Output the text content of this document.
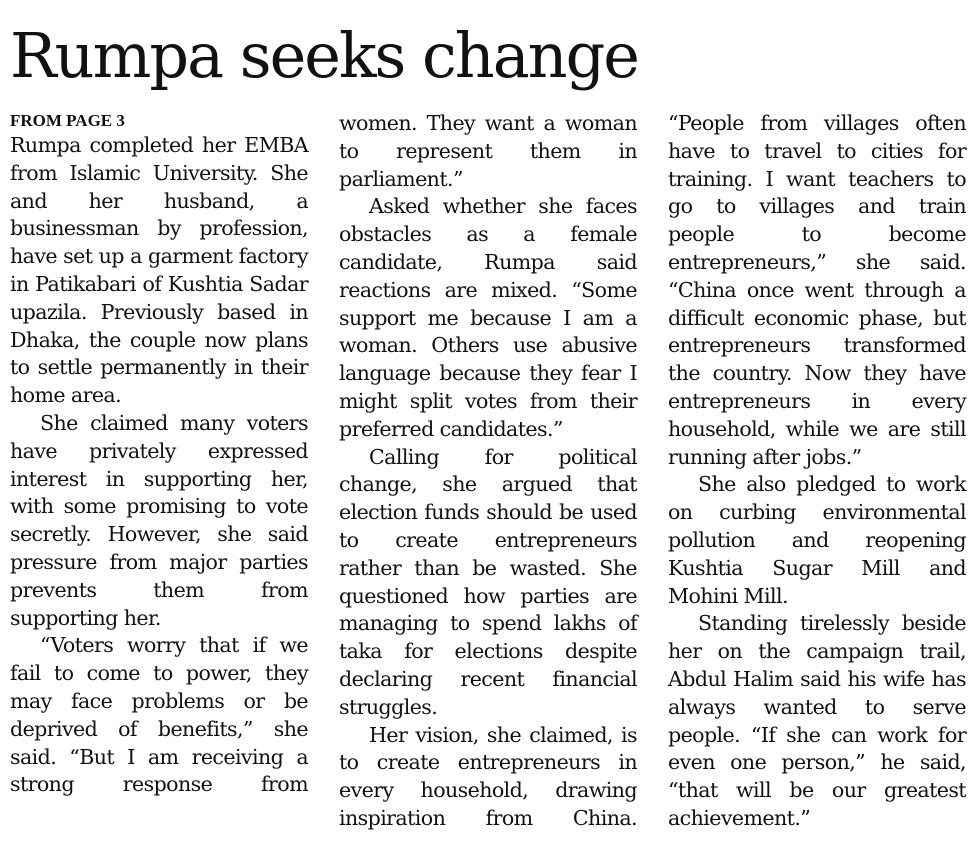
Rumpa seeks change
FROM PAGE 3

Rumpa completed her EMBA from Islamic University. She and her husband, a businessman by profession, have set up a garment factory in Patikabari of Kushtia Sadar upazila. Previously based in Dhaka, the couple now plans to settle permanently in their home area.

She claimed many voters have privately expressed interest in supporting her, with some promising to vote secretly. However, she said pressure from major parties prevents them from supporting her.

“Voters worry that if we fail to come to power, they may face problems or be deprived of benefits,” she said. “But I am receiving a strong response from

women. They want a woman to represent them in parliament.”

Asked whether she faces obstacles as a female candidate, Rumpa said reactions are mixed. “Some support me because I am a woman. Others use abusive language because they fear I might split votes from their preferred candidates.”

Calling for political change, she argued that election funds should be used to create entrepreneurs rather than be wasted. She questioned how parties are managing to spend lakhs of taka for elections despite declaring recent financial struggles.

Her vision, she claimed, is to create entrepreneurs in every household, drawing inspiration from China.

“People from villages often have to travel to cities for training. I want teachers to go to villages and train people to become entrepreneurs,” she said. “China once went through a difficult economic phase, but entrepreneurs transformed the country. Now they have entrepreneurs in every household, while we are still running after jobs.”

She also pledged to work on curbing environmental pollution and reopening Kushtia Sugar Mill and Mohini Mill.

Standing tirelessly beside her on the campaign trail, Abdul Halim said his wife has always wanted to serve people. “If she can work for even one person,” he said, “that will be our greatest achievement.”
